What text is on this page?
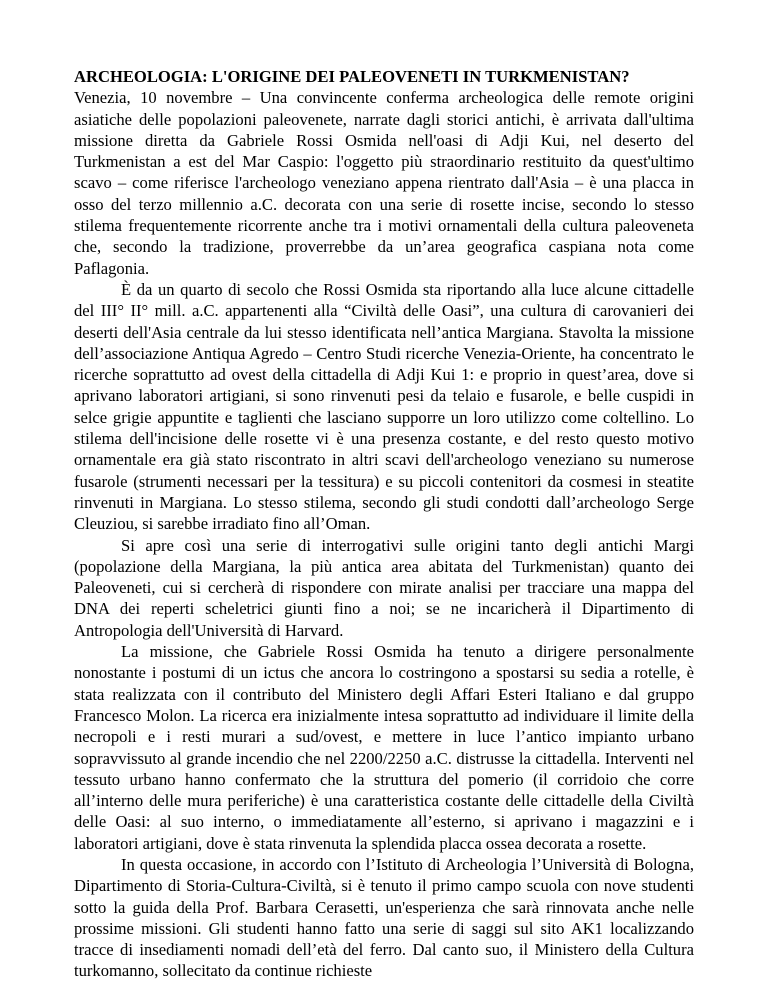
ARCHEOLOGIA: L'ORIGINE DEI PALEOVENETI IN TURKMENISTAN?

Venezia, 10 novembre – Una convincente conferma archeologica delle remote origini asiatiche delle popolazioni paleovenete, narrate dagli storici antichi, è arrivata dall'ultima missione diretta da Gabriele Rossi Osmida nell'oasi di Adji Kui, nel deserto del Turkmenistan a est del Mar Caspio: l'oggetto più straordinario restituito da quest'ultimo scavo – come riferisce l'archeologo veneziano appena rientrato dall'Asia – è una placca in osso del terzo millennio a.C. decorata con una serie di rosette incise, secondo lo stesso stilema frequentemente ricorrente anche tra i motivi ornamentali della cultura paleoveneta che, secondo la tradizione, proverrebbe da un’area geografica caspiana nota come Paflagonia.

È da un quarto di secolo che Rossi Osmida sta riportando alla luce alcune cittadelle del III° II° mill. a.C. appartenenti alla “Civiltà delle Oasi”, una cultura di carovanieri dei deserti dell'Asia centrale da lui stesso identificata nell’antica Margiana. Stavolta la missione dell’associazione Antiqua Agredo – Centro Studi ricerche Venezia-Oriente, ha concentrato le ricerche soprattutto ad ovest della cittadella di Adji Kui 1: e proprio in quest’area, dove si aprivano laboratori artigiani, si sono rinvenuti pesi da telaio e fusarole, e belle cuspidi in selce grigie appuntite e taglienti che lasciano supporre un loro utilizzo come coltellino. Lo stilema dell'incisione delle rosette vi è una presenza costante, e del resto questo motivo ornamentale era già stato riscontrato in altri scavi dell'archeologo veneziano su numerose fusarole (strumenti necessari per la tessitura) e su piccoli contenitori da cosmesi in steatite rinvenuti in Margiana. Lo stesso stilema, secondo gli studi condotti dall’archeologo Serge Cleuziou, si sarebbe irradiato fino all’Oman.

Si apre così una serie di interrogativi sulle origini tanto degli antichi Margi (popolazione della Margiana, la più antica area abitata del Turkmenistan) quanto dei Paleoveneti, cui si cercherà di rispondere con mirate analisi per tracciare una mappa del DNA dei reperti scheletrici giunti fino a noi; se ne incaricherà il Dipartimento di Antropologia dell'Università di Harvard.

La missione, che Gabriele Rossi Osmida ha tenuto a dirigere personalmente nonostante i postumi di un ictus che ancora lo costringono a spostarsi su sedia a rotelle, è stata realizzata con il contributo del Ministero degli Affari Esteri Italiano e dal gruppo Francesco Molon. La ricerca era inizialmente intesa soprattutto ad individuare il limite della necropoli e i resti murari a sud/ovest, e mettere in luce l’antico impianto urbano sopravvissuto al grande incendio che nel 2200/2250 a.C. distrusse la cittadella. Interventi nel tessuto urbano hanno confermato che la struttura del pomerio (il corridoio che corre all’interno delle mura periferiche) è una caratteristica costante delle cittadelle della Civiltà delle Oasi: al suo interno, o immediatamente all’esterno, si aprivano i magazzini e i laboratori artigiani, dove è stata rinvenuta la splendida placca ossea decorata a rosette.

In questa occasione, in accordo con l’Istituto di Archeologia l’Università di Bologna, Dipartimento di Storia-Cultura-Civiltà, si è tenuto il primo campo scuola con nove studenti sotto la guida della Prof. Barbara Cerasetti, un'esperienza che sarà rinnovata anche nelle prossime missioni. Gli studenti hanno fatto una serie di saggi sul sito AK1 localizzando tracce di insediamenti nomadi dell’età del ferro. Dal canto suo, il Ministero della Cultura turkomanno, sollecitato da continue richieste
